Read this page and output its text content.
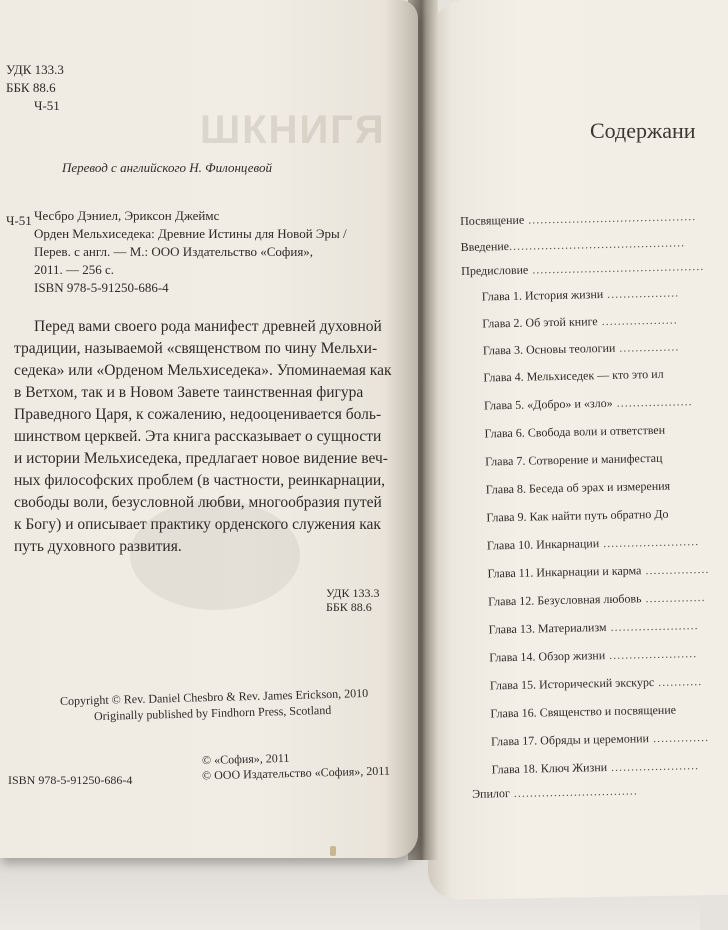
ШКНИГЯ
УДК 133.3
ББК 88.6
Ч-51
Перевод с английского Н. Филонцевой
Ч-51 Чесбро Дэниел, Эриксон Джеймс
Орден Мельхиседека: Древние Истины для Новой Эры /
Перев. с англ. — М.: ООО Издательство «София»,
2011. — 256 с.
ISBN 978-5-91250-686-4
Перед вами своего рода манифест древней духовной
традиции, называемой «священством по чину Мельхи-
седека» или «Орденом Мельхиседека». Упоминаемая как
в Ветхом, так и в Новом Завете таинственная фигура
Праведного Царя, к сожалению, недооценивается боль-
шинством церквей. Эта книга рассказывает о сущности
и истории Мельхиседека, предлагает новое видение веч-
ных философских проблем (в частности, реинкарнации,
свободы воли, безусловной любви, многообразия путей
к Богу) и описывает практику орденского служения как
путь духовного развития.
УДК 133.3
ББК 88.6
Copyright © Rev. Daniel Chesbro & Rev. James Erickson, 2010
Originally published by Findhorn Press, Scotland
© «София», 2011
© ООО Издательство «София», 2011
ISBN 978-5-91250-686-4
Содержани
Посвящение ..........................................
Введение............................................
Предисловие ...........................................
Глава 1. История жизни ..................
Глава 2. Об этой книге ...................
Глава 3. Основы теологии ...............
Глава 4. Мельхиседек — кто это ил
Глава 5. «Добро» и «зло» ...................
Глава 6. Свобода воли и ответствен
Глава 7. Сотворение и манифестац
Глава 8. Беседа об эрах и измерения
Глава 9. Как найти путь обратно До
Глава 10. Инкарнации ........................
Глава 11. Инкарнации и карма ................
Глава 12. Безусловная любовь ...............
Глава 13. Материализм ......................
Глава 14. Обзор жизни ......................
Глава 15. Исторический экскурс ...........
Глава 16. Священство и посвящение
Глава 17. Обряды и церемонии ..............
Глава 18. Ключ Жизни ......................
Эпилог ...............................
